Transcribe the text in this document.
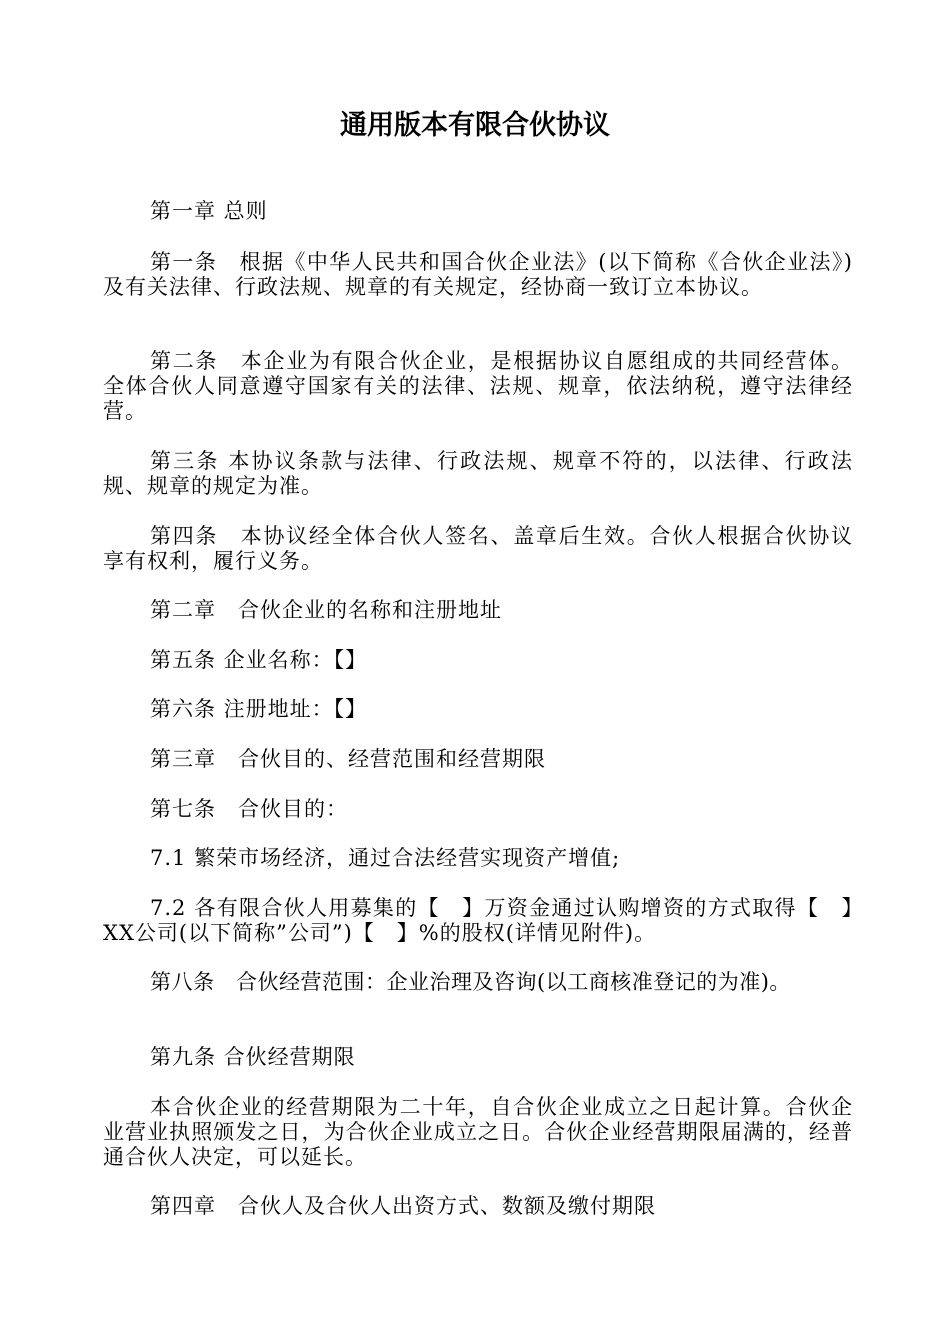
通用版本有限合伙协议
第一章 总则
第一条　根据《中华人民共和国合伙企业法》(以下简称《合伙企业法》)及有关法律、行政法规、规章的有关规定，经协商一致订立本协议。
第二条　本企业为有限合伙企业，是根据协议自愿组成的共同经营体。全体合伙人同意遵守国家有关的法律、法规、规章，依法纳税，遵守法律经营。
第三条 本协议条款与法律、行政法规、规章不符的，以法律、行政法规、规章的规定为准。
第四条　本协议经全体合伙人签名、盖章后生效。合伙人根据合伙协议享有权利，履行义务。
第二章　合伙企业的名称和注册地址
第五条 企业名称：【】
第六条 注册地址：【】
第三章　合伙目的、经营范围和经营期限
第七条　合伙目的：
7.1 繁荣市场经济，通过合法经营实现资产增值;
7.2 各有限合伙人用募集的【　】万资金通过认购增资的方式取得【　】XX公司(以下简称”公司”)【　】%的股权(详情见附件)。
第八条　合伙经营范围：企业治理及咨询(以工商核准登记的为准)。
第九条 合伙经营期限
本合伙企业的经营期限为二十年，自合伙企业成立之日起计算。合伙企业营业执照颁发之日，为合伙企业成立之日。合伙企业经营期限届满的，经普通合伙人决定，可以延长。
第四章　合伙人及合伙人出资方式、数额及缴付期限
